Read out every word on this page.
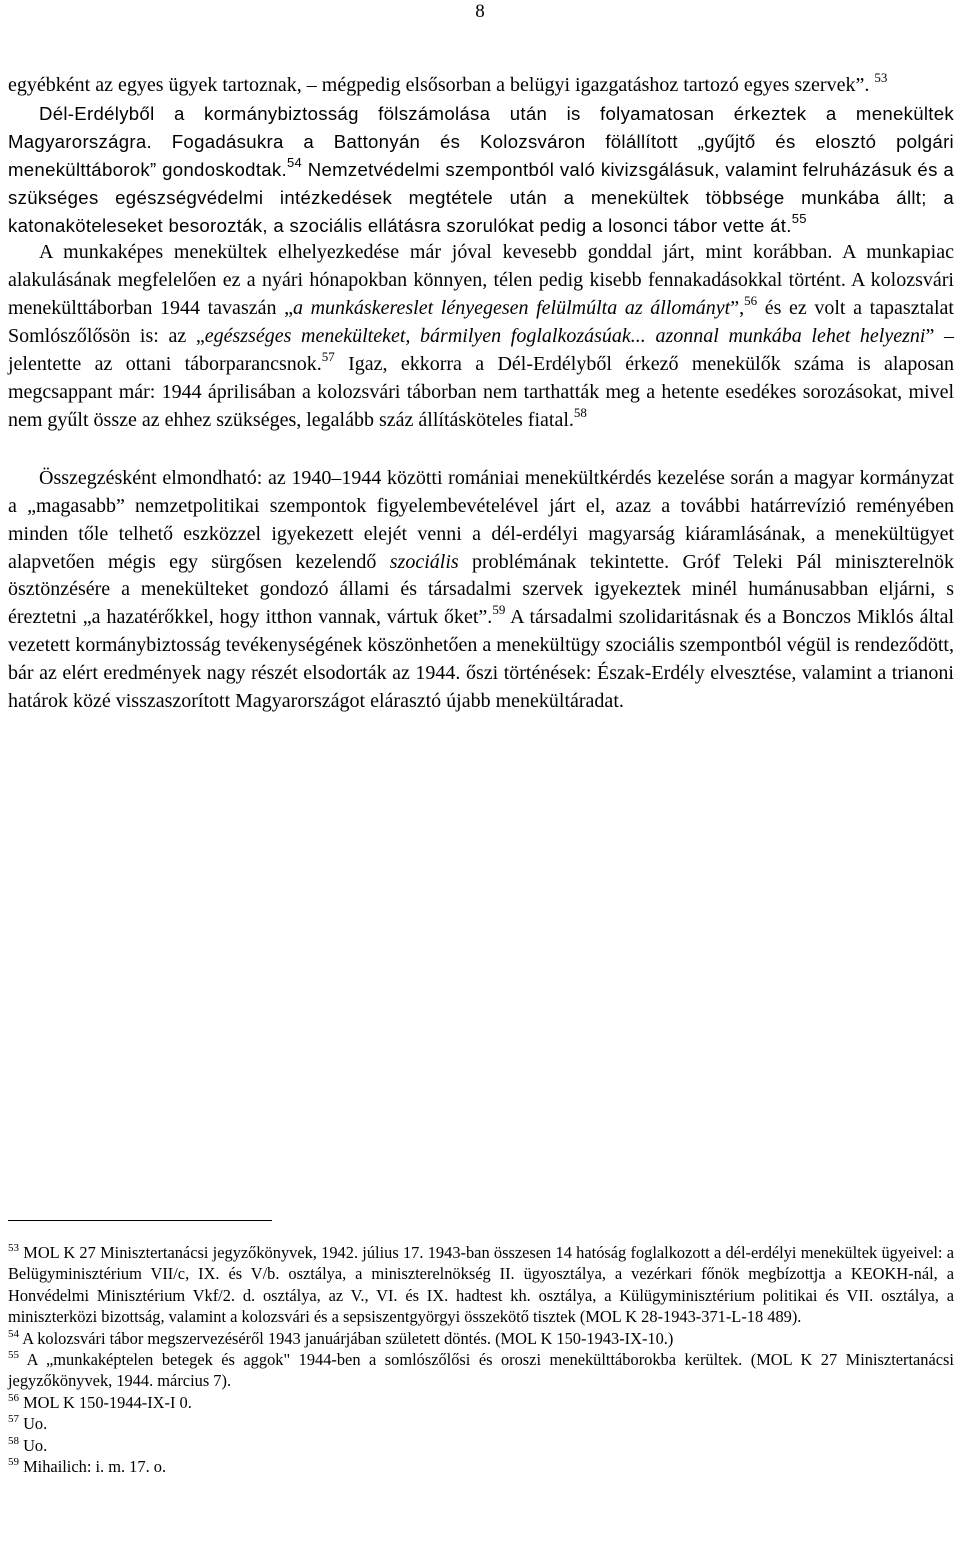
8

egyébként az egyes ügyek tartoznak, – mégpedig elsősorban a belügyi igazgatáshoz tartozó egyes szervek”. $^{53}$

Dél-Erdélyből a kormánybiztosság fölszámolása után is folyamatosan érkeztek a menekültek Magyarországra. Fogadásukra a Battonyán és Kolozsváron fölállított „gyűjtő és elosztó polgári menekülttáborok” gondoskodtak.$^{54}$ Nemzetvédelmi szempontból való kivizsgálásuk, valamint felruházásuk és a szükséges egészségvédelmi intézkedések megtétele után a menekültek többsége munkába állt; a katonaköteleseket besorozták, a szociális ellátásra szorulókat pedig a losonci tábor vette át.$^{55}$

A munkaképes menekültek elhelyezkedése már jóval kevesebb gonddal járt, mint korábban. A munkapiac alakulásának megfelelően ez a nyári hónapokban könnyen, télen pedig kisebb fennakadásokkal történt. A kolozsvári menekülttáborban 1944 tavaszán „a munkáskereslet lényegesen felülmúlta az állományt”,$^{56}$ és ez volt a tapasztalat Somlószőlősön is: az „egészséges menekülteket, bármilyen foglalkozásúak... azonnal munkába lehet helyezni” – jelentette az ottani táborparancsnok.$^{57}$ Igaz, ekkorra a Dél-Erdélyből érkező menekülők száma is alaposan megcsappant már: 1944 áprilisában a kolozsvári táborban nem tarthatták meg a hetente esedékes sorozásokat, mivel nem gyűlt össze az ehhez szükséges, legalább száz állításköteles fiatal.$^{58}$

Összegzésként elmondható: az 1940–1944 közötti romániai menekültkérdés kezelése során a magyar kormányzat a „magasabb” nemzetpolitikai szempontok figyelembevételével járt el, azaz a további határrevízió reményében minden tőle telhető eszközzel igyekezett elejét venni a dél-erdélyi magyarság kiáramlásának, a menekültügyet alapvetően mégis egy sürgősen kezelendő szociális problémának tekintette. Gróf Teleki Pál miniszterelnök ösztönzésére a menekülteket gondozó állami és társadalmi szervek igyekeztek minél humánusabban eljárni, s éreztetni „a hazatérőkkel, hogy itthon vannak, vártuk őket”.$^{59}$ A társadalmi szolidaritásnak és a Bonczos Miklós által vezetett kormánybiztosság tevékenységének köszönhetően a menekültügy szociális szempontból végül is rendeződött, bár az elért eredmények nagy részét elsodorták az 1944. őszi történések: Észak-Erdély elvesztése, valamint a trianoni határok közé visszaszorított Magyarországot elárasztó újabb menekültáradat.

$^{53}$ MOL K 27 Minisztertanácsi jegyzőkönyvek, 1942. július 17. 1943-ban összesen 14 hatóság foglalkozott a dél-erdélyi menekültek ügyeivel: a Belügyminisztérium VII/c, IX. és V/b. osztálya, a miniszterelnökség II. ügyosztálya, a vezérkari főnök megbízottja a KEOKH-nál, a Honvédelmi Minisztérium Vkf/2. d. osztálya, az V., VI. és IX. hadtest kh. osztálya, a Külügyminisztérium politikai és VII. osztálya, a miniszterközi bizottság, valamint a kolozsvári és a sepsiszentgyörgyi összekötő tisztek (MOL K 28-1943-371-L-18 489).

$^{54}$ A kolozsvári tábor megszervezéséről 1943 januárjában született döntés. (MOL K 150-1943-IX-10.)

$^{55}$ A „munkaképtelen betegek és aggok" 1944-ben a somlószőlősi és oroszi menekülttáborokba kerültek. (MOL K 27 Minisztertanácsi jegyzőkönyvek, 1944. március 7).

$^{56}$ MOL K 150-1944-IX-I 0.

$^{57}$ Uo.

$^{58}$ Uo.

$^{59}$ Mihailich: i. m. 17. o.
